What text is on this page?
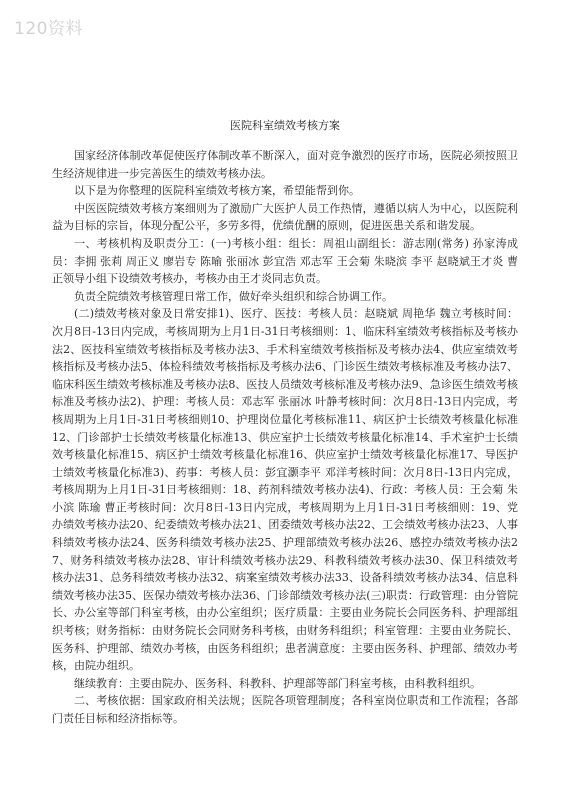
120资料
医院科室绩效考核方案

国家经济体制改革促使医疗体制改革不断深入，面对竞争激烈的医疗市场，医院必须按照卫生经济规律进一步完善医生的绩效考核办法。

以下是为你整理的医院科室绩效考核方案，希望能帮到你。

中医医院绩效考核方案细则为了激励广大医护人员工作热情，遵循以病人为中心，以医院利益为目标的宗旨，体现分配公平，多劳多得，优绩优酬的原则，促进医患关系和谐发展。

一、考核机构及职责分工：(一)考核小组：组长：周祖山副组长：游志刚(常务) 孙家涛成员：李拥 张莉 周正义 廖岩专 陈喻 张丽冰 彭宜浩 邓志军 王会菊 朱晓滨 李平 赵晓斌王才炎 曹正领导小组下设绩效考核办，考核办由王才炎同志负责。

负责全院绩效考核管理日常工作，做好牵头组织和综合协调工作。

(二)绩效考核对象及日常安排1)、医疗、医技：考核人员：赵晓斌 周艳华 魏立考核时间：次月8日-13日内完成，考核周期为上月1日-31日考核细则：1、临床科室绩效考核指标及考核办法2、医技科室绩效考核指标及考核办法3、手术科室绩效考核指标及考核办法4、供应室绩效考核指标及考核办法5、体检科绩效考核指标及考核办法6、门诊医生绩效考核标准及考核办法7、临床科医生绩效考核标准及考核办法8、医技人员绩效考核标准及考核办法9、急诊医生绩效考核标准及考核办法2)、护理：考核人员：邓志军 张丽冰 叶静考核时间：次月8日-13日内完成，考核周期为上月1日-31日考核细则10、护理岗位量化考核标准11、病区护士长绩效考核量化标准12、门诊部护士长绩效考核量化标准13、供应室护士长绩效考核量化标准14、手术室护士长绩效考核量化标准15、病区护士绩效考核量化标准16、供应室护士绩效考核量化标准17、导医护士绩效考核量化标准3)、药事：考核人员：彭宜灏李平 邓洋考核时间：次月8日-13日内完成，考核周期为上月1日-31日考核细则：18、药剂科绩效考核办法4)、行政：考核人员：王会菊 朱小滨 陈瑜 曹正考核时间：次月8日-13日内完成，考核周期为上月1日-31日考核细则：19、党办绩效考核办法20、纪委绩效考核办法21、团委绩效考核办法22、工会绩效考核办法23、人事科绩效考核办法24、医务科绩效考核办法25、护理部绩效考核办法26、感控办绩效考核办法27、财务科绩效考核办法28、审计科绩效考核办法29、科教科绩效考核办法30、保卫科绩效考核办法31、总务科绩效考核办法32、病案室绩效考核办法33、设备科绩效考核办法34、信息科绩效考核办法35、医保办绩效考核办法36、门诊部绩效考核办法(三)职责：行政管理：由分管院长、办公室等部门科室考核，由办公室组织；医疗质量：主要由业务院长会同医务科、护理部组织考核；财务指标：由财务院长会同财务科考核，由财务科组织；科室管理：主要由业务院长、医务科、护理部、绩效办考核，由医务科组织；患者满意度：主要由医务科、护理部、绩效办考核，由院办组织。

继续教育：主要由院办、医务科、科教科、护理部等部门科室考核，由科教科组织。

二、考核依据：国家政府相关法规；医院各项管理制度；各科室岗位职责和工作流程；各部门责任目标和经济指标等。
